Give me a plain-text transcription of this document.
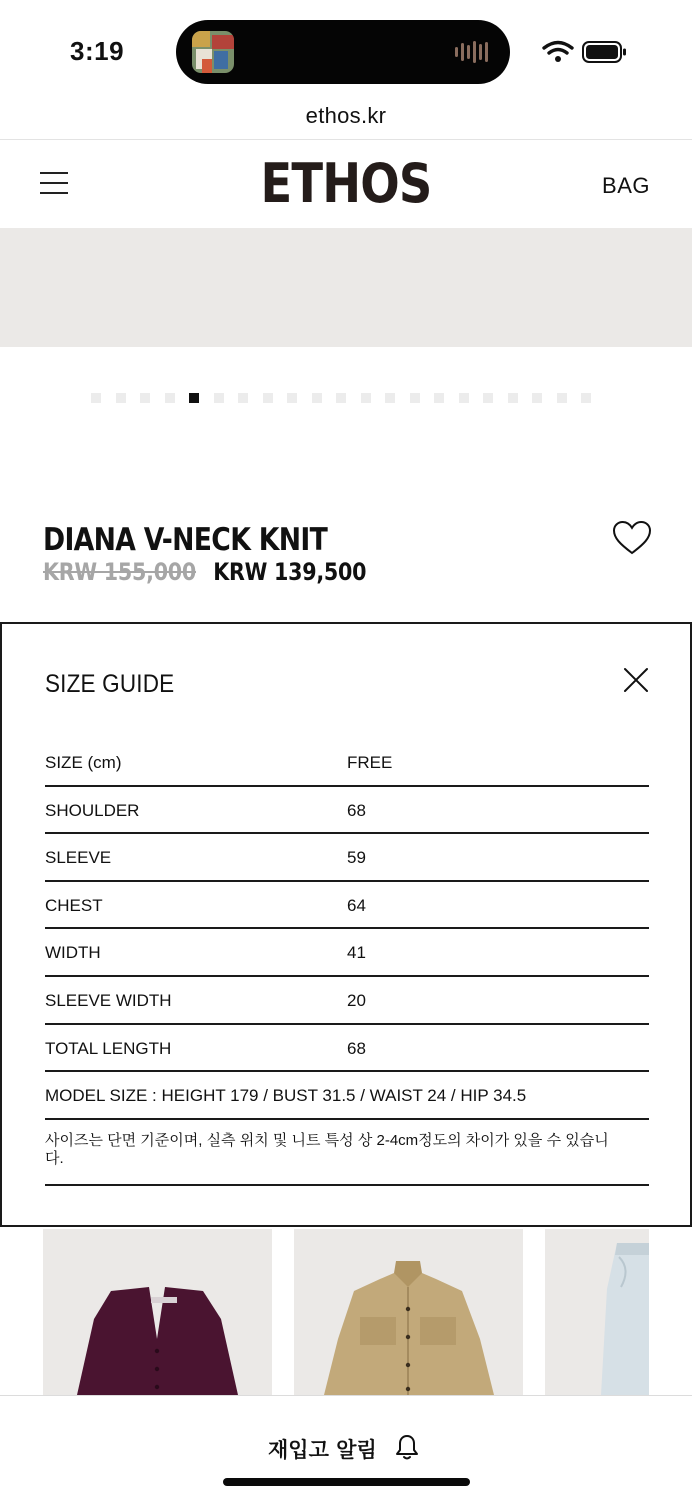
3:19
ethos.kr
ETHOS	BAG
DIANA V-NECK KNIT
KRW 155,000 KRW 139,500
SIZE GUIDE
SIZE (cm)	FREE
SHOULDER	68
SLEEVE	59
CHEST	64
WIDTH	41
SLEEVE WIDTH	20
TOTAL LENGTH	68
MODEL SIZE : HEIGHT 179 / BUST 31.5 / WAIST 24 / HIP 34.5
사이즈는 단면 기준이며, 실측 위치 및 니트 특성 상 2-4cm정도의 차이가 있을 수 있습니다.
재입고 알림
